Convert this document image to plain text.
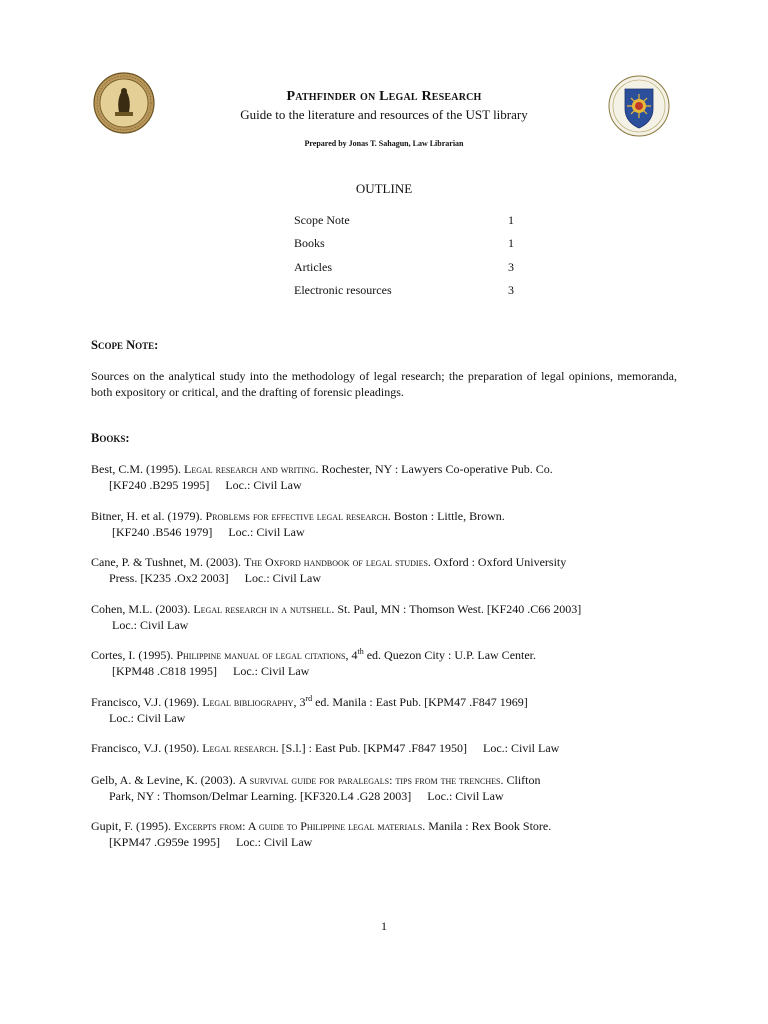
Pathfinder on Legal Research
Guide to the literature and resources of the UST library
Prepared by Jonas T. Sahagun, Law Librarian
OUTLINE
Scope Note	1
Books	1
Articles	3
Electronic resources	3
Scope Note:
Sources on the analytical study into the methodology of legal research; the preparation of legal opinions, memoranda, both expository or critical, and the drafting of forensic pleadings.
Books:
Best, C.M. (1995). Legal research and writing. Rochester, NY : Lawyers Co-operative Pub. Co.
[KF240 .B295 1995] Loc.: Civil Law
Bitner, H. et al. (1979). Problems for effective legal research. Boston : Little, Brown.
[KF240 .B546 1979] Loc.: Civil Law
Cane, P. & Tushnet, M. (2003). The Oxford handbook of legal studies. Oxford : Oxford University
Press. [K235 .Ox2 2003] Loc.: Civil Law
Cohen, M.L. (2003). Legal research in a nutshell. St. Paul, MN : Thomson West. [KF240 .C66 2003]
Loc.: Civil Law
Cortes, I. (1995). Philippine manual of legal citations, 4th ed. Quezon City : U.P. Law Center.
[KPM48 .C818 1995] Loc.: Civil Law
Francisco, V.J. (1969). Legal bibliography, 3rd ed. Manila : East Pub. [KPM47 .F847 1969]
Loc.: Civil Law
Francisco, V.J. (1950). Legal research. [S.l.] : East Pub. [KPM47 .F847 1950] Loc.: Civil Law
Gelb, A. & Levine, K. (2003). A survival guide for paralegals: tips from the trenches. Clifton
Park, NY : Thomson/Delmar Learning. [KF320.L4 .G28 2003] Loc.: Civil Law
Gupit, F. (1995). Excerpts from: A guide to Philippine legal materials. Manila : Rex Book Store.
[KPM47 .G959e 1995] Loc.: Civil Law
1
